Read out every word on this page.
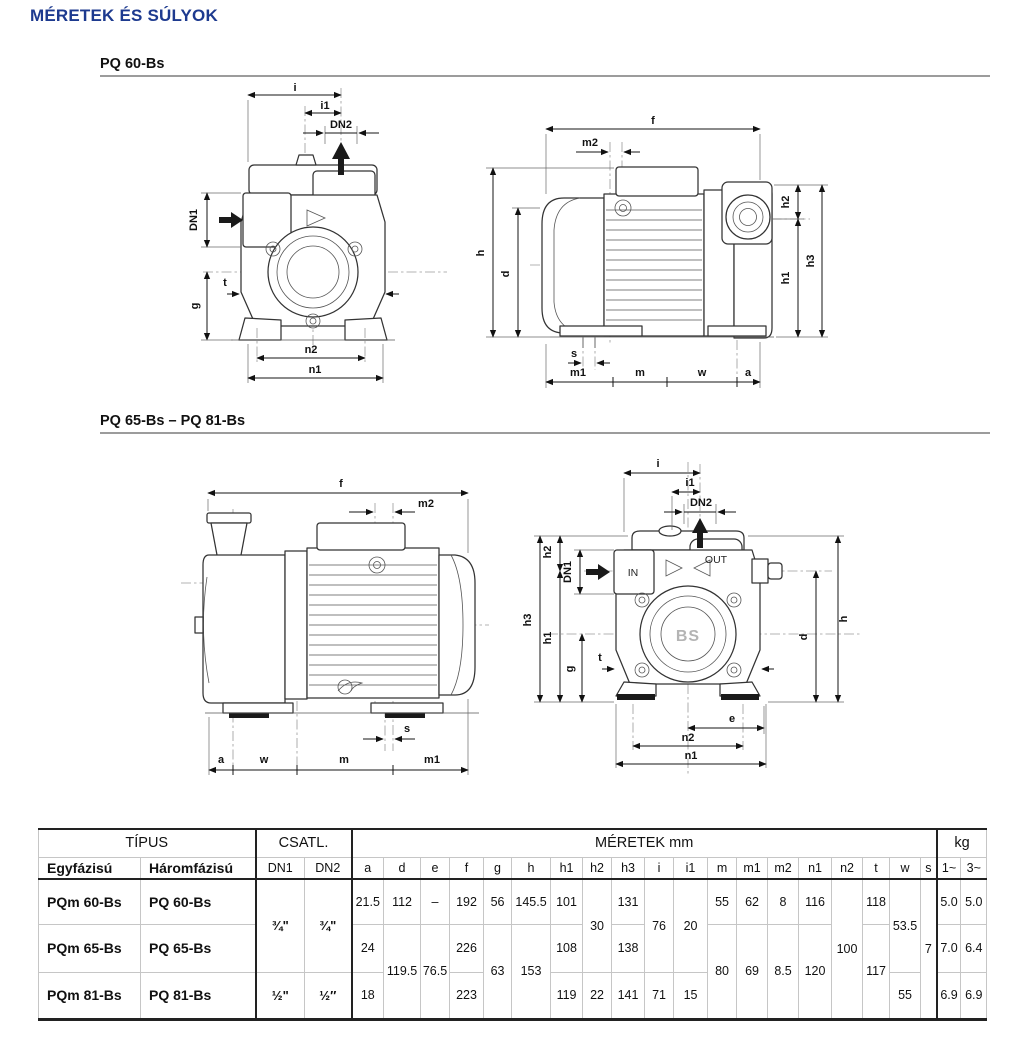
MÉRETEK ÉS SÚLYOK
PQ 60-Bs
i
i1
DN2
DN1
g
t
n2
n1
f
m2
h
d
h2
h1
h3
s
m1	m	w	a
PQ 65-Bs – PQ 81-Bs
f
m2
s
a	w	m	m1
BS
IN
OUT
i
i1
DN2
h3
h2
h1
DN1
g
t
h
d
e
n2
n1
TÍPUS		CSATL.		MÉRETEK mm																			kg	
Egyfázisú	Háromfázisú	DN1	DN2	a	d	e	f	g	h	h1	h2	h3	i	i1	m	m1	m2	n1	n2	t	w	s	1~	3~
PQm 60-Bs	PQ 60-Bs	¾"	¾"	21.5	112	–	192	56	145.5	101	30	131	76	20	55	62	8	116	100	118	53.5	7	5.0	5.0
PQm 65-Bs	PQ 65-Bs			24	119.5	76.5	226	63	153	108		138			80	69	8.5	120		117			7.0	6.4
PQm 81-Bs	PQ 81-Bs	½"	½″	18			223			119	22	141	71	15							55		6.9	6.9
